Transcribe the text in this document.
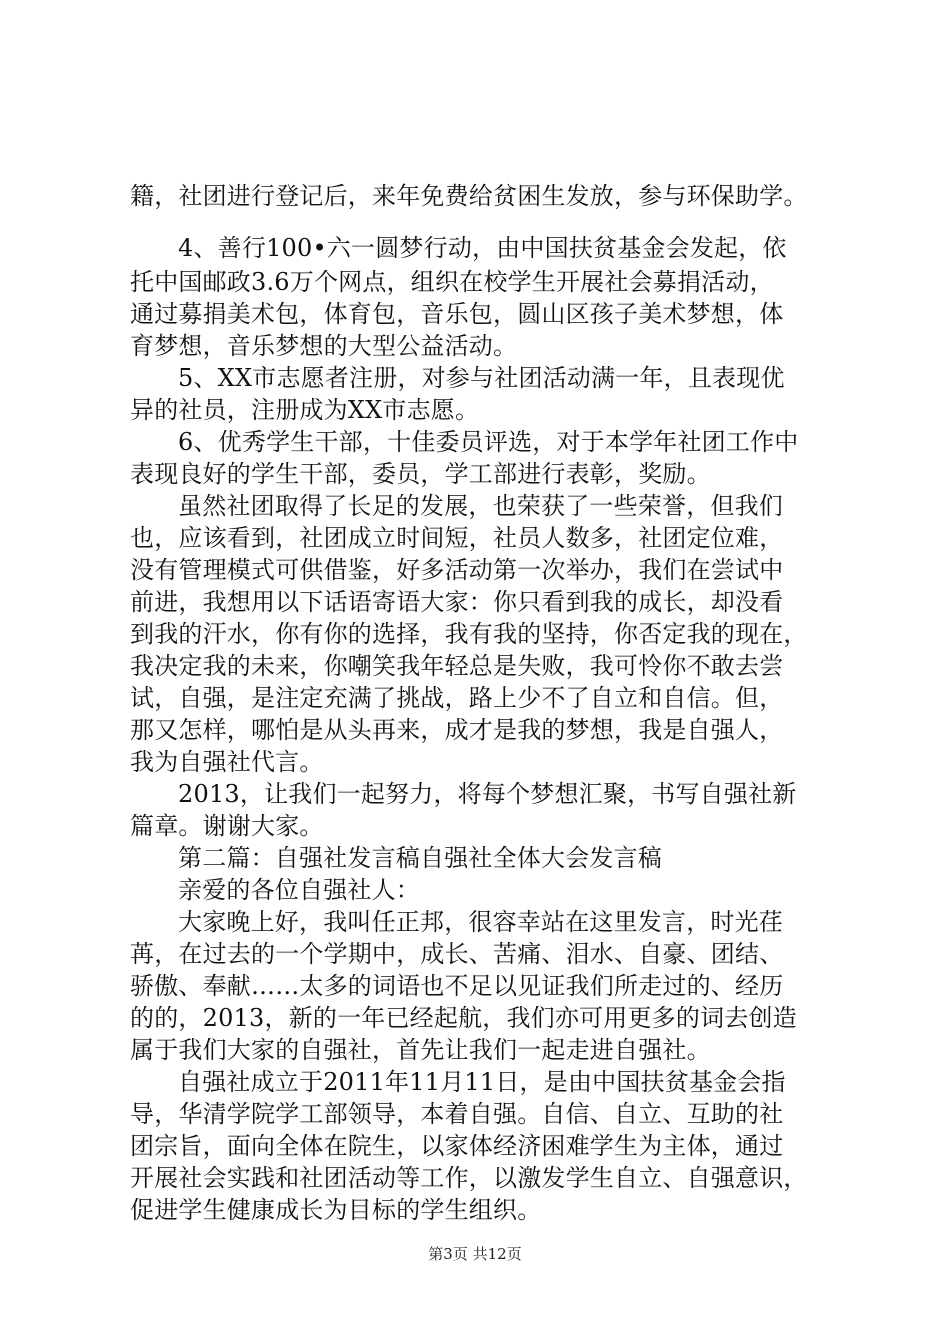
籍，社团进行登记后，来年免费给贫困生发放，参与环保助学。
4、善行100•六一圆梦行动，由中国扶贫基金会发起，依
托中国邮政3.6万个网点，组织在校学生开展社会募捐活动，
通过募捐美术包，体育包，音乐包，圆山区孩子美术梦想，体
育梦想，音乐梦想的大型公益活动。
5、XX市志愿者注册，对参与社团活动满一年，且表现优
异的社员，注册成为XX市志愿。
6、优秀学生干部，十佳委员评选，对于本学年社团工作中
表现良好的学生干部，委员，学工部进行表彰，奖励。
虽然社团取得了长足的发展，也荣获了一些荣誉，但我们
也，应该看到，社团成立时间短，社员人数多，社团定位难，
没有管理模式可供借鉴，好多活动第一次举办，我们在尝试中
前进，我想用以下话语寄语大家：你只看到我的成长，却没看
到我的汗水，你有你的选择，我有我的坚持，你否定我的现在，
我决定我的未来，你嘲笑我年轻总是失败，我可怜你不敢去尝
试，自强，是注定充满了挑战，路上少不了自立和自信。但，
那又怎样，哪怕是从头再来，成才是我的梦想，我是自强人，
我为自强社代言。
2013，让我们一起努力，将每个梦想汇聚，书写自强社新
篇章。谢谢大家。
第二篇：自强社发言稿自强社全体大会发言稿
亲爱的各位自强社人：
大家晚上好，我叫任正邦，很容幸站在这里发言，时光荏
苒，在过去的一个学期中，成长、苦痛、泪水、自豪、团结、
骄傲、奉献……太多的词语也不足以见证我们所走过的、经历
的的，2013，新的一年已经起航，我们亦可用更多的词去创造
属于我们大家的自强社，首先让我们一起走进自强社。
自强社成立于2011年11月11日，是由中国扶贫基金会指
导，华清学院学工部领导，本着自强。自信、自立、互助的社
团宗旨，面向全体在院生，以家体经济困难学生为主体，通过
开展社会实践和社团活动等工作，以激发学生自立、自强意识，
促进学生健康成长为目标的学生组织。
第3页 共12页
